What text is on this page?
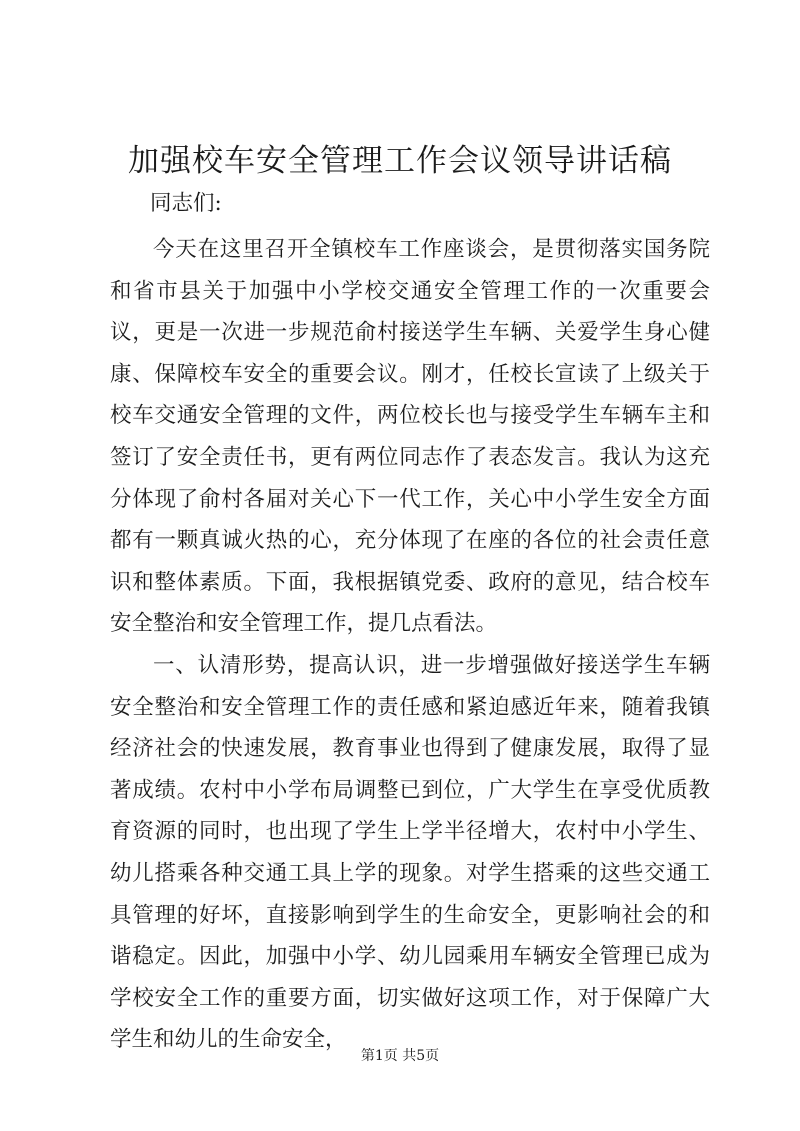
加强校车安全管理工作会议领导讲话稿
同志们:

今天在这里召开全镇校车工作座谈会，是贯彻落实国务院和省市县关于加强中小学校交通安全管理工作的一次重要会议，更是一次进一步规范俞村接送学生车辆、关爱学生身心健康、保障校车安全的重要会议。刚才，任校长宣读了上级关于校车交通安全管理的文件，两位校长也与接受学生车辆车主和签订了安全责任书，更有两位同志作了表态发言。我认为这充分体现了俞村各届对关心下一代工作，关心中小学生安全方面都有一颗真诚火热的心，充分体现了在座的各位的社会责任意识和整体素质。下面，我根据镇党委、政府的意见，结合校车安全整治和安全管理工作，提几点看法。

一、认清形势，提高认识，进一步增强做好接送学生车辆安全整治和安全管理工作的责任感和紧迫感近年来，随着我镇经济社会的快速发展，教育事业也得到了健康发展，取得了显著成绩。农村中小学布局调整已到位，广大学生在享受优质教育资源的同时，也出现了学生上学半径增大，农村中小学生、幼儿搭乘各种交通工具上学的现象。对学生搭乘的这些交通工具管理的好坏，直接影响到学生的生命安全，更影响社会的和谐稳定。因此，加强中小学、幼儿园乘用车辆安全管理已成为学校安全工作的重要方面，切实做好这项工作，对于保障广大学生和幼儿的生命安全，

第1页 共5页
